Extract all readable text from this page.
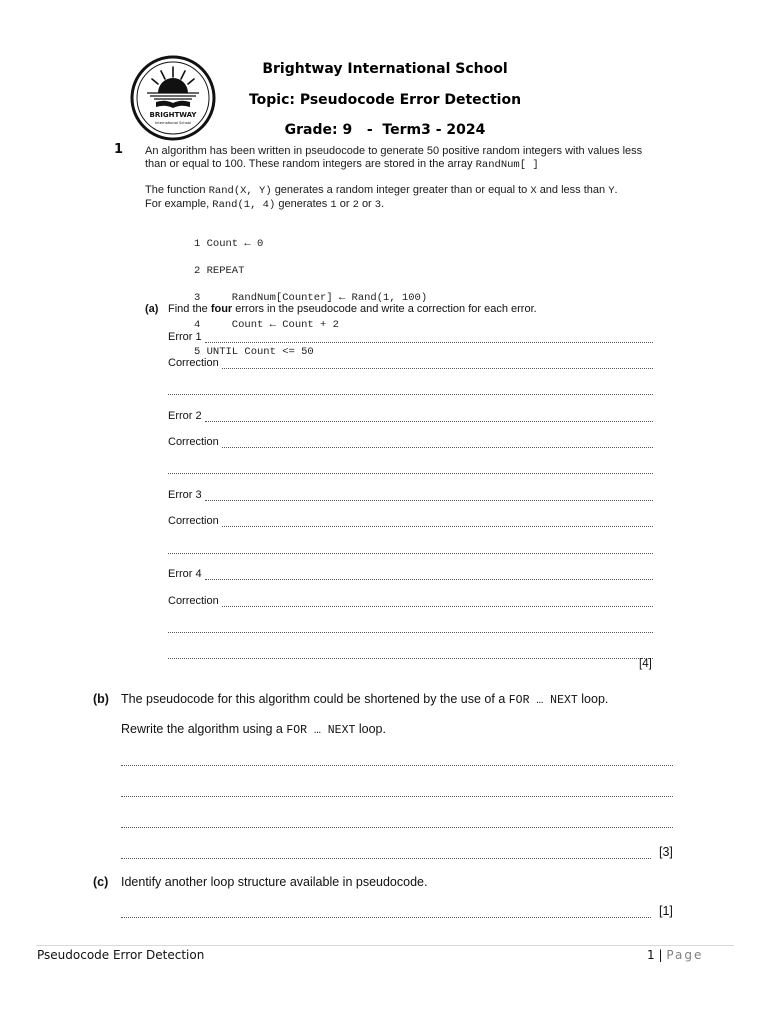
BRIGHTWAY
International School
Brightway International School
Topic: Pseudocode Error Detection
Grade: 9   -  Term3 - 2024
1 An algorithm has been written in pseudocode to generate 50 positive random integers with values less than or equal to 100. These random integers are stored in the array RandNum[ ]
The function Rand(X, Y) generates a random integer greater than or equal to X and less than Y.
For example, Rand(1, 4) generates 1 or 2 or 3.

1 Count ← 0

2 REPEAT

3     RandNum[Counter] ← Rand(1, 100)

4     Count ← Count + 2

5 UNTIL Count <= 50

(a) Find the four errors in the pseudocode and write a correction for each error.
Error 1
Correction
Error 2
Correction
Error 3
Correction
Error 4
Correction
[4]
(b) The pseudocode for this algorithm could be shortened by the use of a FOR … NEXT loop.
Rewrite the algorithm using a FOR … NEXT loop.
[3]
(c) Identify another loop structure available in pseudocode.
[1]
Pseudocode Error Detection	1 | Page
